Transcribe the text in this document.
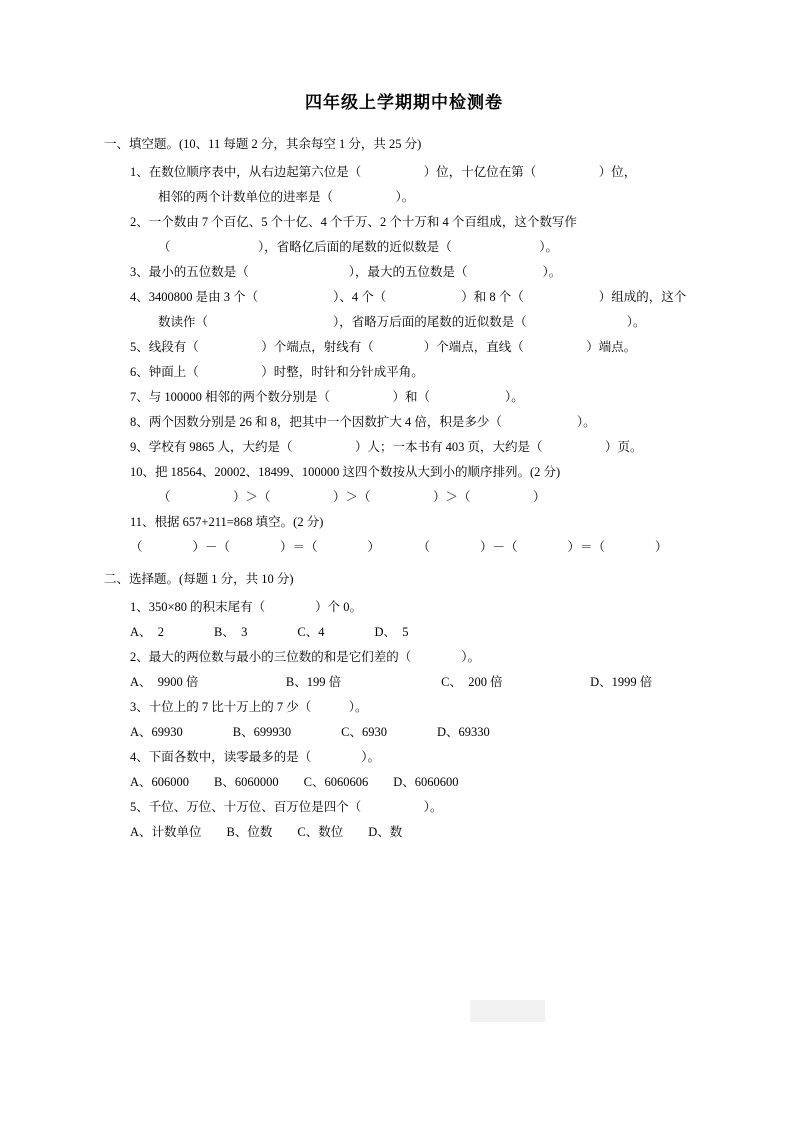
四年级上学期期中检测卷
一、填空题。(10、11 每题 2 分，其余每空 1 分，共 25 分)
1、在数位顺序表中，从右边起第六位是（　　　　　）位，十亿位在第（　　　　　）位，
相邻的两个计数单位的进率是（　　　　　）。
2、一个数由 7 个百亿、5 个十亿、4 个千万、2 个十万和 4 个百组成，这个数写作
（　　　　　　　），省略亿后面的尾数的近似数是（　　　　　　　）。
3、最小的五位数是（　　　　　　　　），最大的五位数是（　　　　　　）。
4、3400800 是由 3 个（　　　　　　）、4 个（　　　　　　）和 8 个（　　　　　　）组成的，这个
数读作（　　　　　　　　　　），省略万后面的尾数的近似数是（　　　　　　　　）。
5、线段有（　　　　　）个端点，射线有（　　　　）个端点，直线（　　　　　）端点。
6、钟面上（　　　　　）时整，时针和分针成平角。
7、与 100000 相邻的两个数分别是（　　　　　）和（　　　　　　）。
8、两个因数分别是 26 和 8，把其中一个因数扩大 4 倍，积是多少（　　　　　　）。
9、学校有 9865 人，大约是（　　　　　）人；一本书有 403 页，大约是（　　　　　）页。
10、把 18564、20002、18499、100000 这四个数按从大到小的顺序排列。(2 分)
（　　　　　）＞（　　　　　）＞（　　　　　）＞（　　　　　）
11、根据 657+211=868 填空。(2 分)
（　　　　）－（　　　　）＝（　　　　）　　　　（　　　　）－（　　　　）＝（　　　　）
二、选择题。(每题 1 分，共 10 分)
1、350×80 的积末尾有（　　　　）个 0。
A、　2　　　　B、　3　　　　C、4　　　　D、　5
2、最大的两位数与最小的三位数的和是它们差的（　　　　）。
A、　9900 倍　　　　　　　B、199 倍　　　　　　　　C、　200 倍　　　　　　　D、1999 倍
3、十位上的 7 比十万上的 7 少（　　　）。
A、69930　　　　B、699930　　　　C、6930　　　　D、69330
4、下面各数中，读零最多的是（　　　　）。
A、606000　　B、6060000　　C、6060606　　D、6060600
5、千位、万位、十万位、百万位是四个（　　　　　）。
A、计数单位　　B、位数　　C、数位　　D、数
